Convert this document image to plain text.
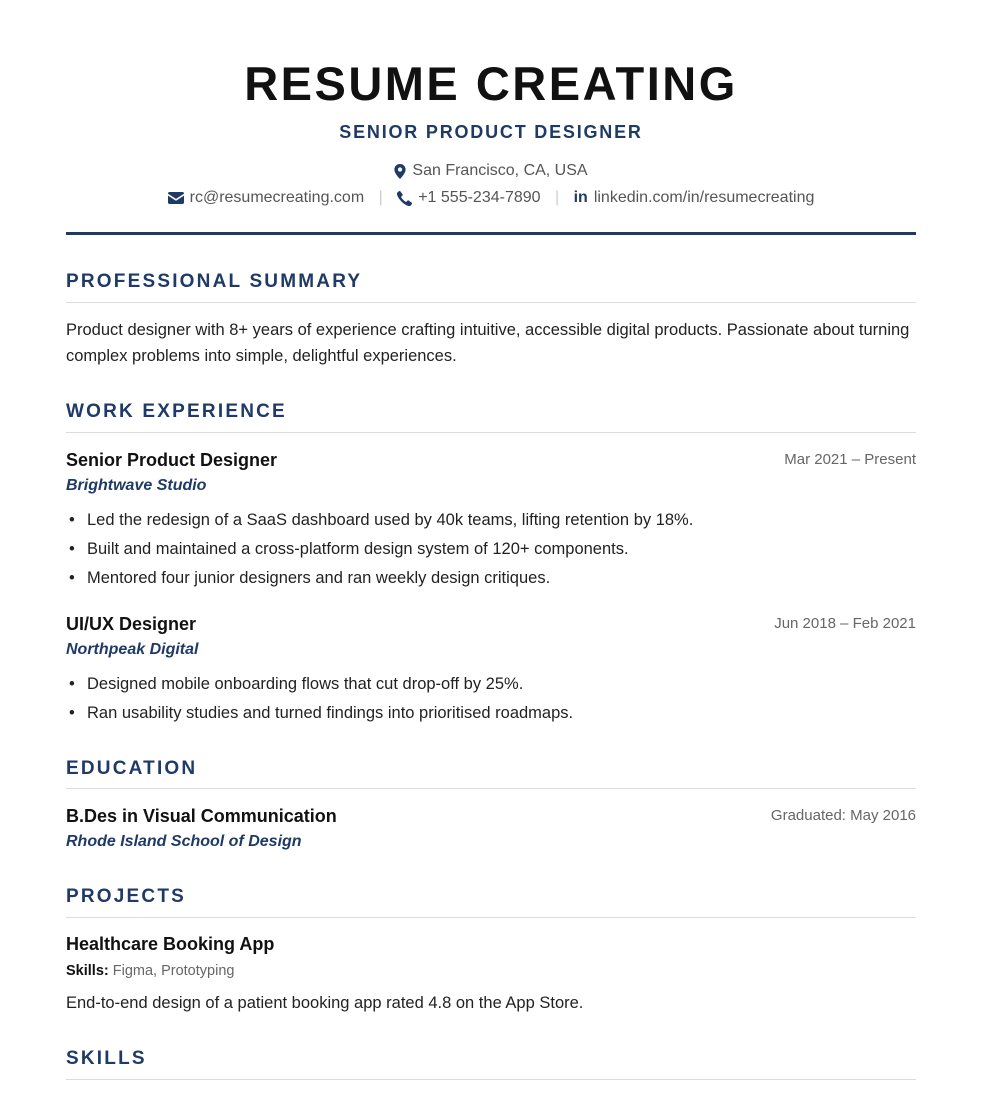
RESUME CREATING
SENIOR PRODUCT DESIGNER
San Francisco, CA, USA
rc@resumecreating.com | +1 555-234-7890 | in linkedin.com/in/resumecreating
PROFESSIONAL SUMMARY
Product designer with 8+ years of experience crafting intuitive, accessible digital products. Passionate about turning complex problems into simple, delightful experiences.
WORK EXPERIENCE
Senior Product Designer	Mar 2021 – Present
Brightwave Studio
• Led the redesign of a SaaS dashboard used by 40k teams, lifting retention by 18%.
• Built and maintained a cross-platform design system of 120+ components.
• Mentored four junior designers and ran weekly design critiques.
UI/UX Designer	Jun 2018 – Feb 2021
Northpeak Digital
• Designed mobile onboarding flows that cut drop-off by 25%.
• Ran usability studies and turned findings into prioritised roadmaps.
EDUCATION
B.Des in Visual Communication	Graduated: May 2016
Rhode Island School of Design
PROJECTS
Healthcare Booking App
Skills: Figma, Prototyping
End-to-end design of a patient booking app rated 4.8 on the App Store.
SKILLS
